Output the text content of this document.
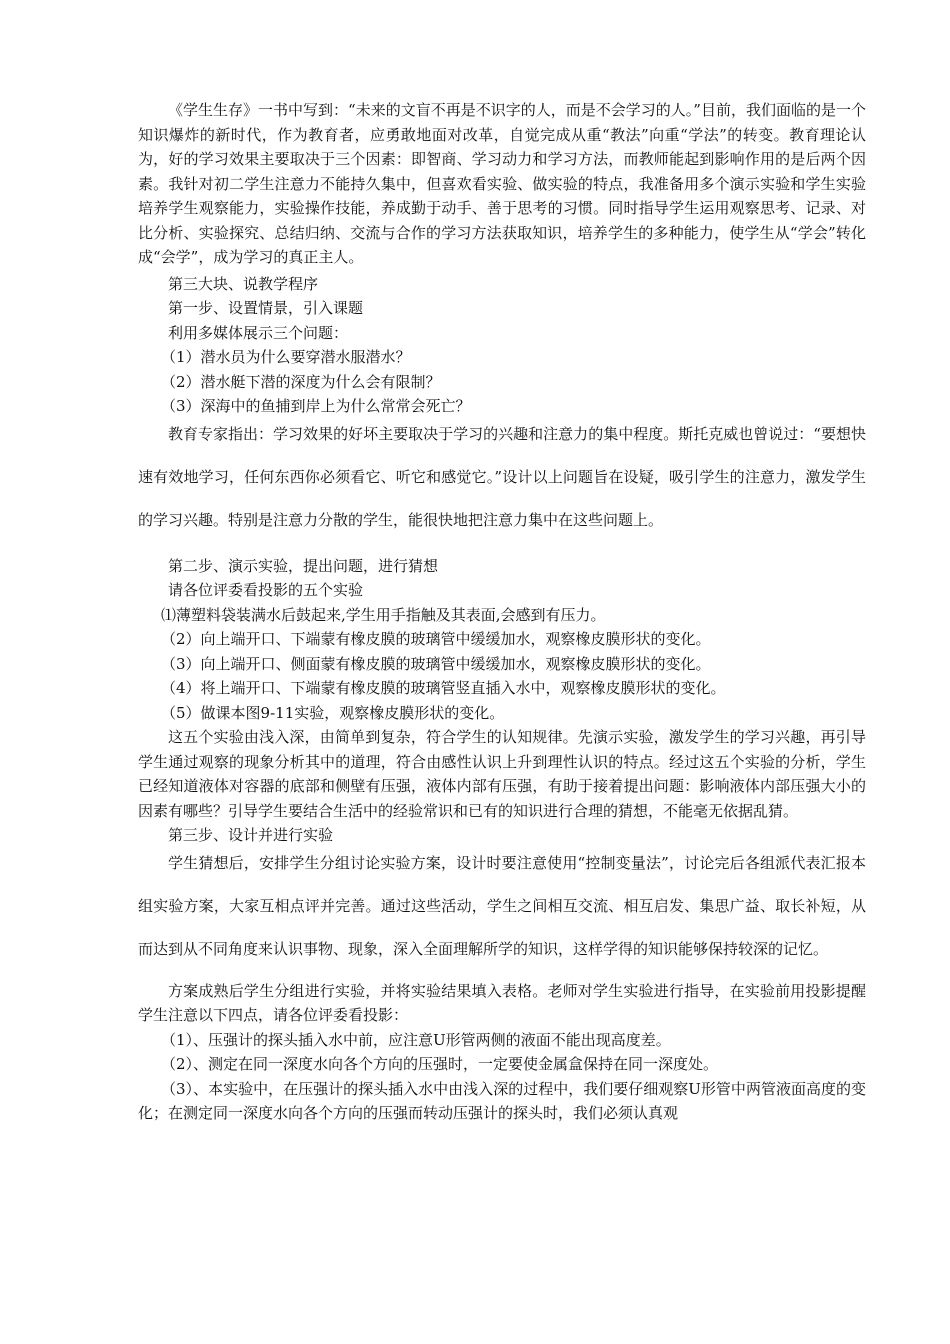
《学生生存》一书中写到：“未来的文盲不再是不识字的人，而是不会学习的人。”目前，我们面临的是一个知识爆炸的新时代，作为教育者，应勇敢地面对改革，自觉完成从重“教法”向重“学法”的转变。教育理论认为，好的学习效果主要取决于三个因素：即智商、学习动力和学习方法，而教师能起到影响作用的是后两个因素。我针对初二学生注意力不能持久集中，但喜欢看实验、做实验的特点，我准备用多个演示实验和学生实验培养学生观察能力，实验操作技能，养成勤于动手、善于思考的习惯。同时指导学生运用观察思考、记录、对比分析、实验探究、总结归纳、交流与合作的学习方法获取知识，培养学生的多种能力，使学生从“学会”转化成“会学”，成为学习的真正主人。

第三大块、说教学程序

第一步、设置情景，引入课题

利用多媒体展示三个问题：

（1）潜水员为什么要穿潜水服潜水？

（2）潜水艇下潜的深度为什么会有限制？

（3）深海中的鱼捕到岸上为什么常常会死亡？

教育专家指出：学习效果的好坏主要取决于学习的兴趣和注意力的集中程度。斯托克威也曾说过：“要想快速有效地学习，任何东西你必须看它、听它和感觉它。”设计以上问题旨在设疑，吸引学生的注意力，激发学生的学习兴趣。特别是注意力分散的学生，能很快地把注意力集中在这些问题上。

第二步、演示实验，提出问题，进行猜想

请各位评委看投影的五个实验

⑴薄塑料袋装满水后鼓起来,学生用手指触及其表面,会感到有压力。

（2）向上端开口、下端蒙有橡皮膜的玻璃管中缓缓加水，观察橡皮膜形状的变化。

（3）向上端开口、侧面蒙有橡皮膜的玻璃管中缓缓加水，观察橡皮膜形状的变化。

（4）将上端开口、下端蒙有橡皮膜的玻璃管竖直插入水中，观察橡皮膜形状的变化。

（5）做课本图9-11实验，观察橡皮膜形状的变化。

这五个实验由浅入深，由简单到复杂，符合学生的认知规律。先演示实验，激发学生的学习兴趣，再引导学生通过观察的现象分析其中的道理，符合由感性认识上升到理性认识的特点。经过这五个实验的分析，学生已经知道液体对容器的底部和侧壁有压强，液体内部有压强，有助于接着提出问题：影响液体内部压强大小的因素有哪些？引导学生要结合生活中的经验常识和已有的知识进行合理的猜想，不能毫无依据乱猜。

第三步、设计并进行实验

学生猜想后，安排学生分组讨论实验方案，设计时要注意使用“控制变量法”，讨论完后各组派代表汇报本组实验方案，大家互相点评并完善。通过这些活动，学生之间相互交流、相互启发、集思广益、取长补短，从而达到从不同角度来认识事物、现象，深入全面理解所学的知识，这样学得的知识能够保持较深的记忆。

方案成熟后学生分组进行实验，并将实验结果填入表格。老师对学生实验进行指导，在实验前用投影提醒学生注意以下四点，请各位评委看投影：

（1）、压强计的探头插入水中前，应注意U形管两侧的液面不能出现高度差。

（2）、测定在同一深度水向各个方向的压强时，一定要使金属盒保持在同一深度处。

（3）、本实验中，在压强计的探头插入水中由浅入深的过程中，我们要仔细观察U形管中两管液面高度的变化；在测定同一深度水向各个方向的压强而转动压强计的探头时，我们必须认真观
